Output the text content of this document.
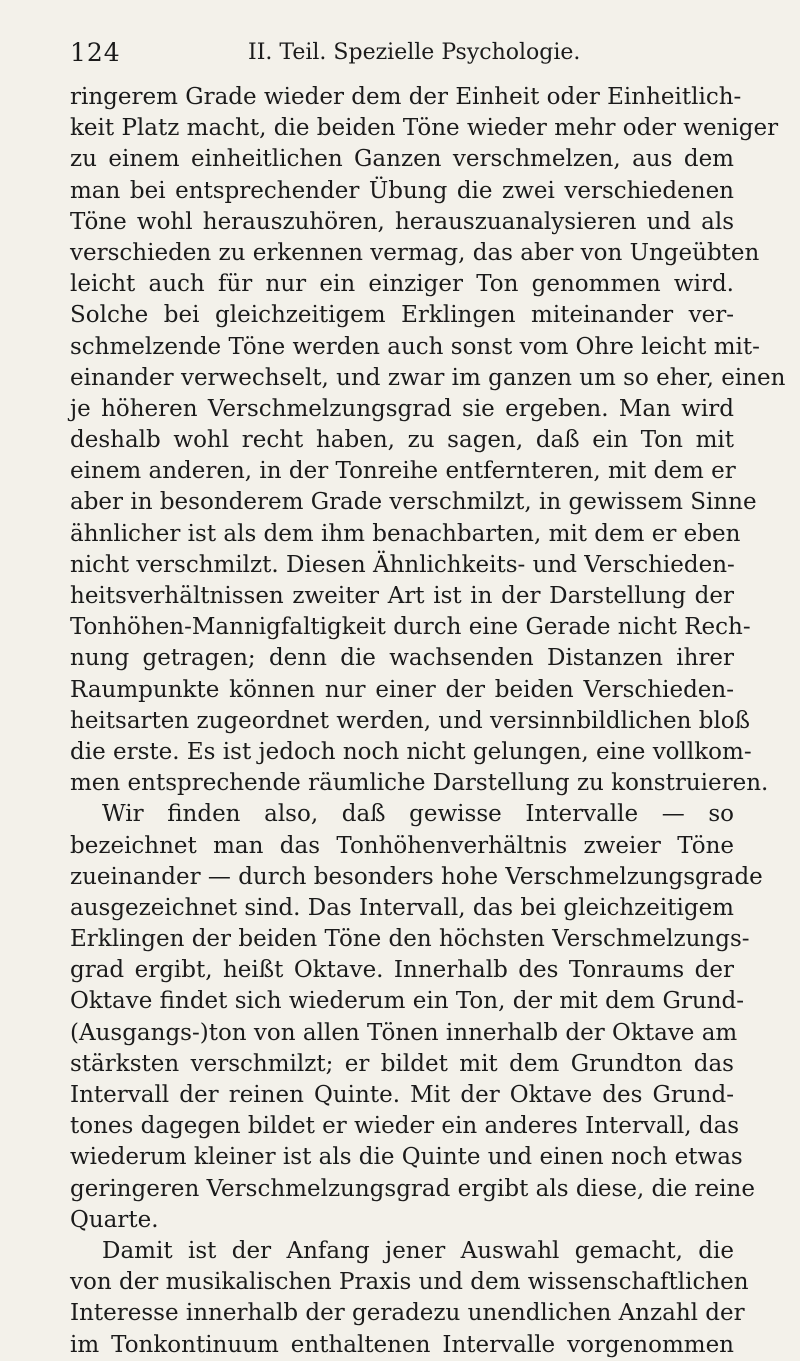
124	II. Teil. Spezielle Psychologie.
ringerem Grade wieder dem der Einheit oder Einheitlich-
keit Platz macht, die beiden Töne wieder mehr oder weniger
zu einem einheitlichen Ganzen verschmelzen, aus dem
man bei entsprechender Übung die zwei verschiedenen
Töne wohl herauszuhören, herauszuanalysieren und als
verschieden zu erkennen vermag, das aber von Ungeübten
leicht auch für nur ein einziger Ton genommen wird.
Solche bei gleichzeitigem Erklingen miteinander ver-
schmelzende Töne werden auch sonst vom Ohre leicht mit-
einander verwechselt, und zwar im ganzen um so eher, einen
je höheren Verschmelzungsgrad sie ergeben. Man wird
deshalb wohl recht haben, zu sagen, daß ein Ton mit
einem anderen, in der Tonreihe entfernteren, mit dem er
aber in besonderem Grade verschmilzt, in gewissem Sinne
ähnlicher ist als dem ihm benachbarten, mit dem er eben
nicht verschmilzt. Diesen Ähnlichkeits- und Verschieden-
heitsverhältnissen zweiter Art ist in der Darstellung der
Tonhöhen-Mannigfaltigkeit durch eine Gerade nicht Rech-
nung getragen; denn die wachsenden Distanzen ihrer
Raumpunkte können nur einer der beiden Verschieden-
heitsarten zugeordnet werden, und versinnbildlichen bloß
die erste. Es ist jedoch noch nicht gelungen, eine vollkom-
men entsprechende räumliche Darstellung zu konstruieren.
Wir finden also, daß gewisse Intervalle — so
bezeichnet man das Tonhöhenverhältnis zweier Töne
zueinander — durch besonders hohe Verschmelzungsgrade
ausgezeichnet sind. Das Intervall, das bei gleichzeitigem
Erklingen der beiden Töne den höchsten Verschmelzungs-
grad ergibt, heißt Oktave. Innerhalb des Tonraums der
Oktave findet sich wiederum ein Ton, der mit dem Grund-
(Ausgangs-)ton von allen Tönen innerhalb der Oktave am
stärksten verschmilzt; er bildet mit dem Grundton das
Intervall der reinen Quinte. Mit der Oktave des Grund-
tones dagegen bildet er wieder ein anderes Intervall, das
wiederum kleiner ist als die Quinte und einen noch etwas
geringeren Verschmelzungsgrad ergibt als diese, die reine
Quarte.
Damit ist der Anfang jener Auswahl gemacht, die
von der musikalischen Praxis und dem wissenschaftlichen
Interesse innerhalb der geradezu unendlichen Anzahl der
im Tonkontinuum enthaltenen Intervalle vorgenommen
